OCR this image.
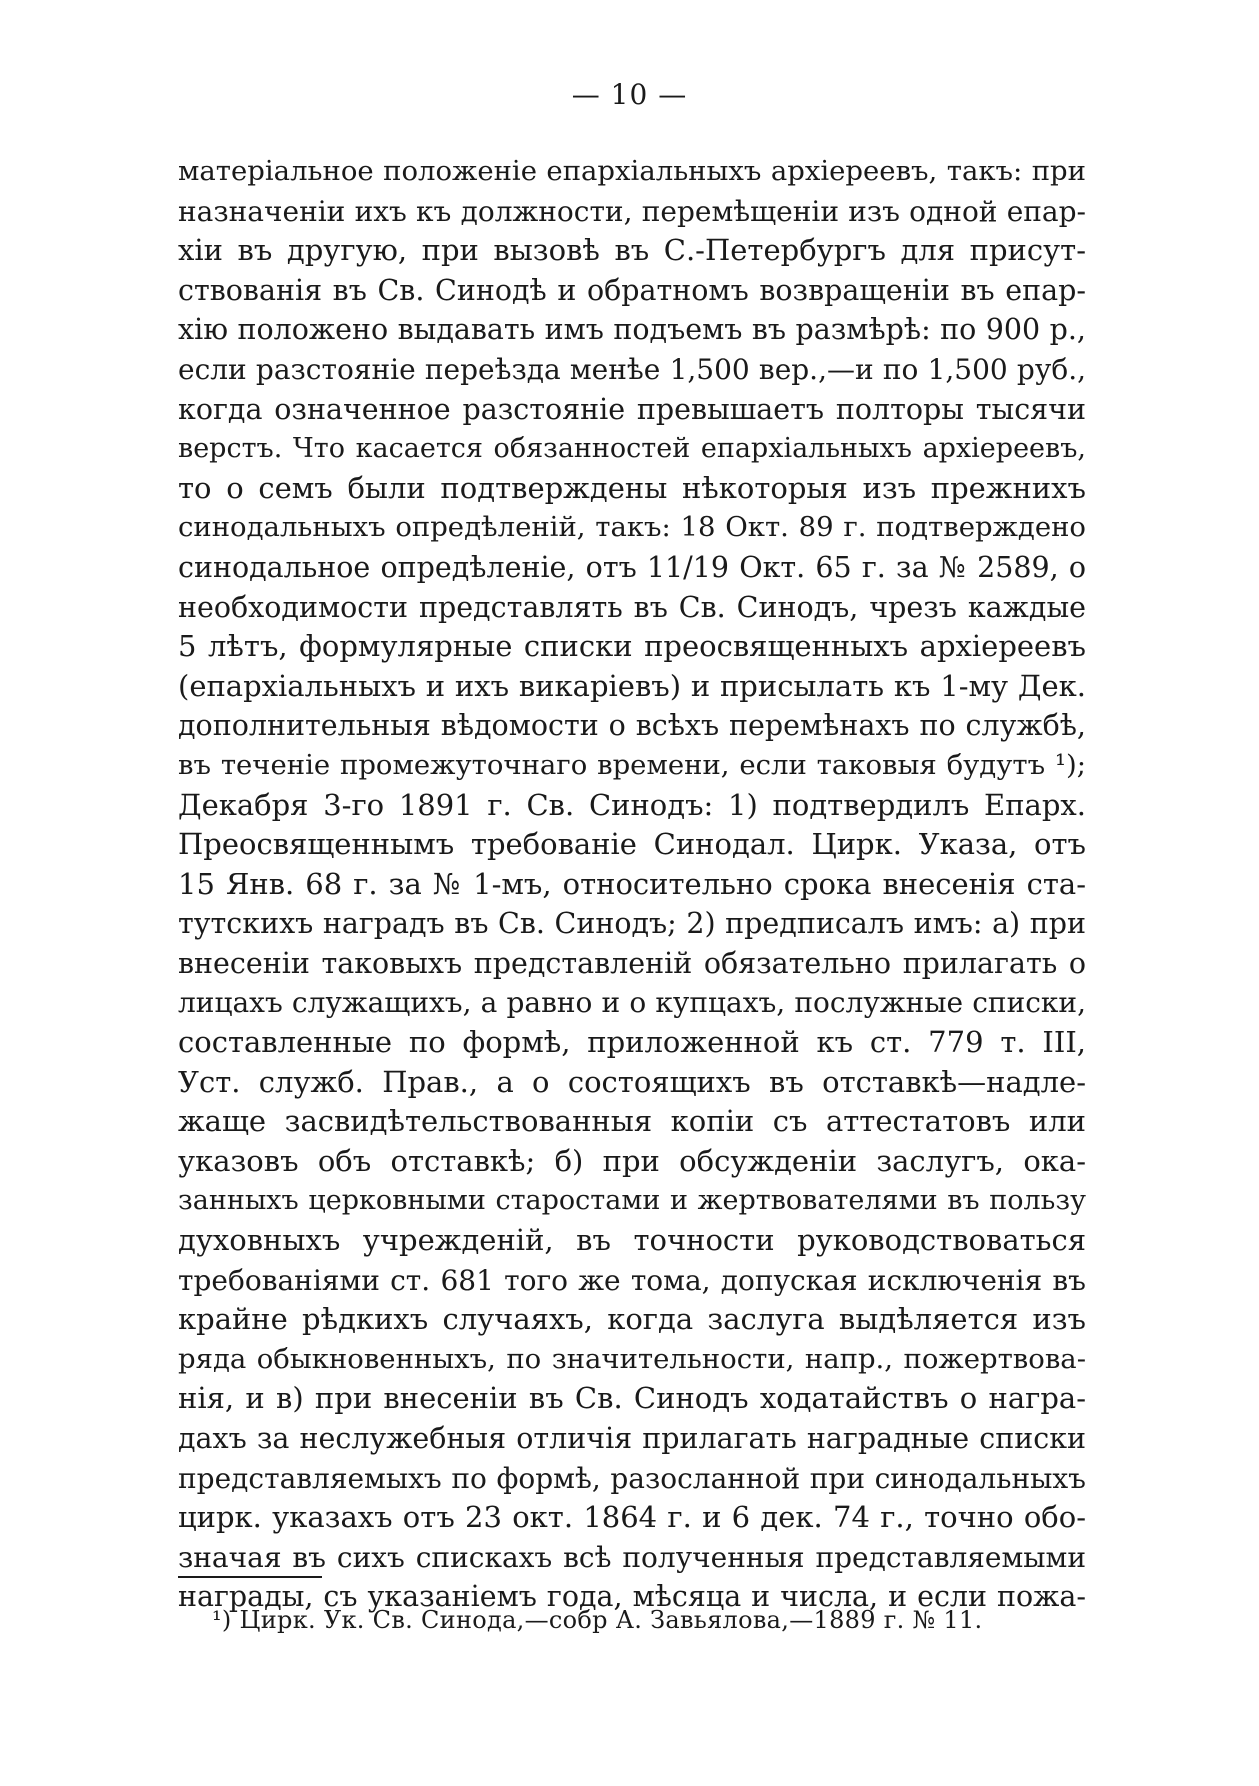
— 10 —
матеріальное положеніе епархіальныхъ архіереевъ, такъ: при
назначеніи ихъ къ должности, перемѣщеніи изъ одной епар-
хіи въ другую, при вызовѣ въ С.-Петербургъ для присут-
ствованія въ Св. Синодѣ и обратномъ возвращеніи въ епар-
хію положено выдавать имъ подъемъ въ размѣрѣ: по 900 р.,
если разстояніе переѣзда менѣе 1,500 вер.,—и по 1,500 руб.,
когда означенное разстояніе превышаетъ полторы тысячи
верстъ. Что касается обязанностей епархіальныхъ архіереевъ,
то о семъ были подтверждены нѣкоторыя изъ прежнихъ
синодальныхъ опредѣленій, такъ: 18 Окт. 89 г. подтверждено
синодальное опредѣленіе, отъ 11/19 Окт. 65 г. за № 2589, о
необходимости представлять въ Св. Синодъ, чрезъ каждые
5 лѣтъ, формулярные списки преосвященныхъ архіереевъ
(епархіальныхъ и ихъ викаріевъ) и присылать къ 1-му Дек.
дополнительныя вѣдомости о всѣхъ перемѣнахъ по службѣ,
въ теченіе промежуточнаго времени, если таковыя будутъ ¹);
Декабря 3-го 1891 г. Св. Синодъ: 1) подтвердилъ Епарх.
Преосвященнымъ требованіе Синодал. Цирк. Указа, отъ
15 Янв. 68 г. за № 1-мъ, относительно срока внесенія ста-
тутскихъ наградъ въ Св. Синодъ; 2) предписалъ имъ: а) при
внесеніи таковыхъ представленій обязательно прилагать о
лицахъ служащихъ, а равно и о купцахъ, послужные списки,
составленные по формѣ, приложенной къ ст. 779 т. III,
Уст. служб. Прав., а о состоящихъ въ отставкѣ—надле-
жаще засвидѣтельствованныя копіи съ аттестатовъ или
указовъ объ отставкѣ; б) при обсужденіи заслугъ, ока-
занныхъ церковными старостами и жертвователями въ пользу
духовныхъ учрежденій, въ точности руководствоваться
требованіями ст. 681 того же тома, допуская исключенія въ
крайне рѣдкихъ случаяхъ, когда заслуга выдѣляется изъ
ряда обыкновенныхъ, по значительности, напр., пожертвова-
нія, и в) при внесеніи въ Св. Синодъ ходатайствъ о награ-
дахъ за неслужебныя отличія прилагать наградные списки
представляемыхъ по формѣ, разосланной при синодальныхъ
цирк. указахъ отъ 23 окт. 1864 г. и 6 дек. 74 г., точно обо-
значая въ сихъ спискахъ всѣ полученныя представляемыми
награды, съ указаніемъ года, мѣсяца и числа, и если пожа-
¹) Цирк. Ук. Св. Синода,—собр А. Завьялова,—1889 г. № 11.
